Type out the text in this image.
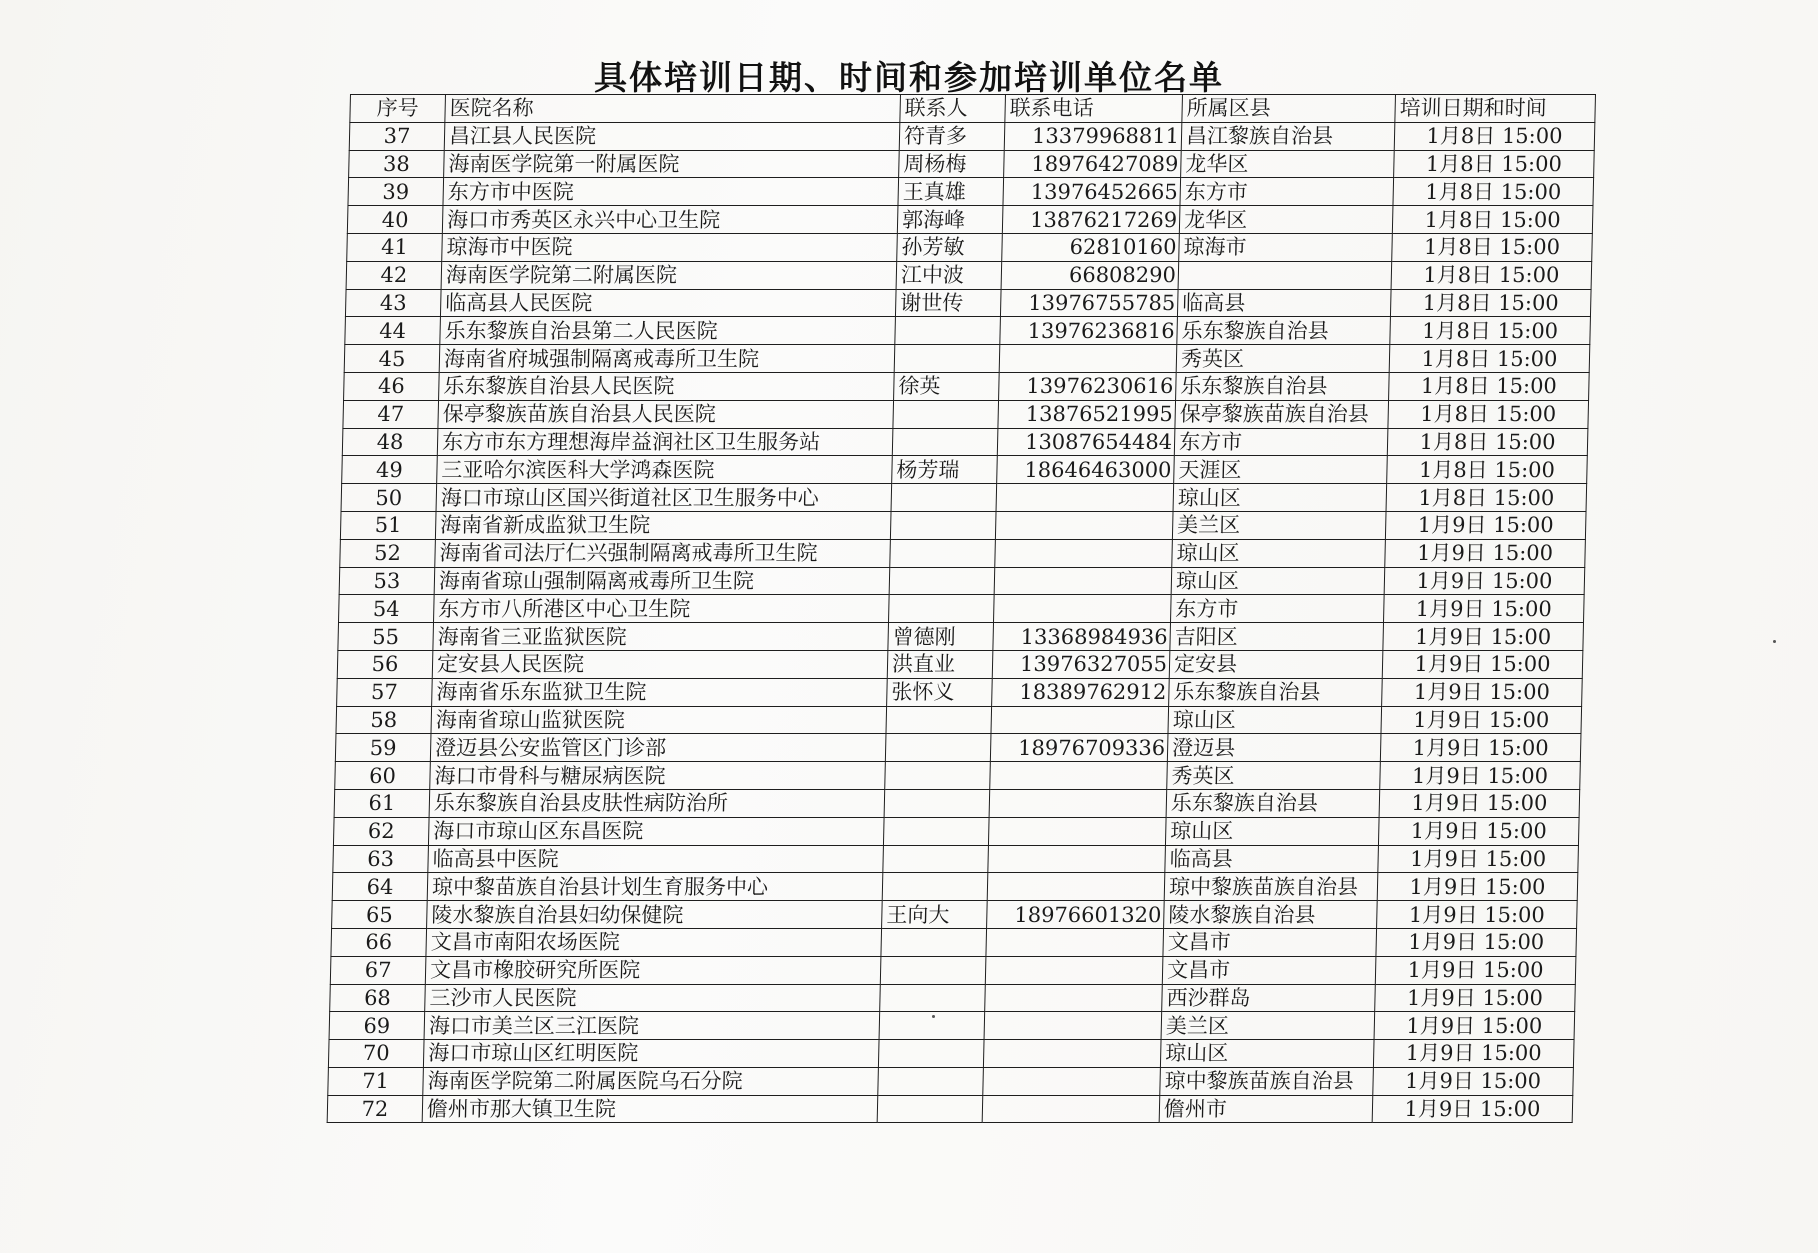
具体培训日期、时间和参加培训单位名单
序号	医院名称	联系人	联系电话	所属区县	培训日期和时间
37	昌江县人民医院	符青多	13379968811	昌江黎族自治县	1月8日 15:00
38	海南医学院第一附属医院	周杨梅	18976427089	龙华区	1月8日 15:00
39	东方市中医院	王真雄	13976452665	东方市	1月8日 15:00
40	海口市秀英区永兴中心卫生院	郭海峰	13876217269	龙华区	1月8日 15:00
41	琼海市中医院	孙芳敏	62810160	琼海市	1月8日 15:00
42	海南医学院第二附属医院	江中波	66808290		1月8日 15:00
43	临高县人民医院	谢世传	13976755785	临高县	1月8日 15:00
44	乐东黎族自治县第二人民医院		13976236816	乐东黎族自治县	1月8日 15:00
45	海南省府城强制隔离戒毒所卫生院			秀英区	1月8日 15:00
46	乐东黎族自治县人民医院	徐英	13976230616	乐东黎族自治县	1月8日 15:00
47	保亭黎族苗族自治县人民医院		13876521995	保亭黎族苗族自治县	1月8日 15:00
48	东方市东方理想海岸益润社区卫生服务站		13087654484	东方市	1月8日 15:00
49	三亚哈尔滨医科大学鸿森医院	杨芳瑞	18646463000	天涯区	1月8日 15:00
50	海口市琼山区国兴街道社区卫生服务中心			琼山区	1月8日 15:00
51	海南省新成监狱卫生院			美兰区	1月9日 15:00
52	海南省司法厅仁兴强制隔离戒毒所卫生院			琼山区	1月9日 15:00
53	海南省琼山强制隔离戒毒所卫生院			琼山区	1月9日 15:00
54	东方市八所港区中心卫生院			东方市	1月9日 15:00
55	海南省三亚监狱医院	曾德刚	13368984936	吉阳区	1月9日 15:00
56	定安县人民医院	洪直业	13976327055	定安县	1月9日 15:00
57	海南省乐东监狱卫生院	张怀义	18389762912	乐东黎族自治县	1月9日 15:00
58	海南省琼山监狱医院			琼山区	1月9日 15:00
59	澄迈县公安监管区门诊部		18976709336	澄迈县	1月9日 15:00
60	海口市骨科与糖尿病医院			秀英区	1月9日 15:00
61	乐东黎族自治县皮肤性病防治所			乐东黎族自治县	1月9日 15:00
62	海口市琼山区东昌医院			琼山区	1月9日 15:00
63	临高县中医院			临高县	1月9日 15:00
64	琼中黎苗族自治县计划生育服务中心			琼中黎族苗族自治县	1月9日 15:00
65	陵水黎族自治县妇幼保健院	王向大	18976601320	陵水黎族自治县	1月9日 15:00
66	文昌市南阳农场医院			文昌市	1月9日 15:00
67	文昌市橡胶研究所医院			文昌市	1月9日 15:00
68	三沙市人民医院			西沙群岛	1月9日 15:00
69	海口市美兰区三江医院			美兰区	1月9日 15:00
70	海口市琼山区红明医院			琼山区	1月9日 15:00
71	海南医学院第二附属医院乌石分院			琼中黎族苗族自治县	1月9日 15:00
72	儋州市那大镇卫生院			儋州市	1月9日 15:00
